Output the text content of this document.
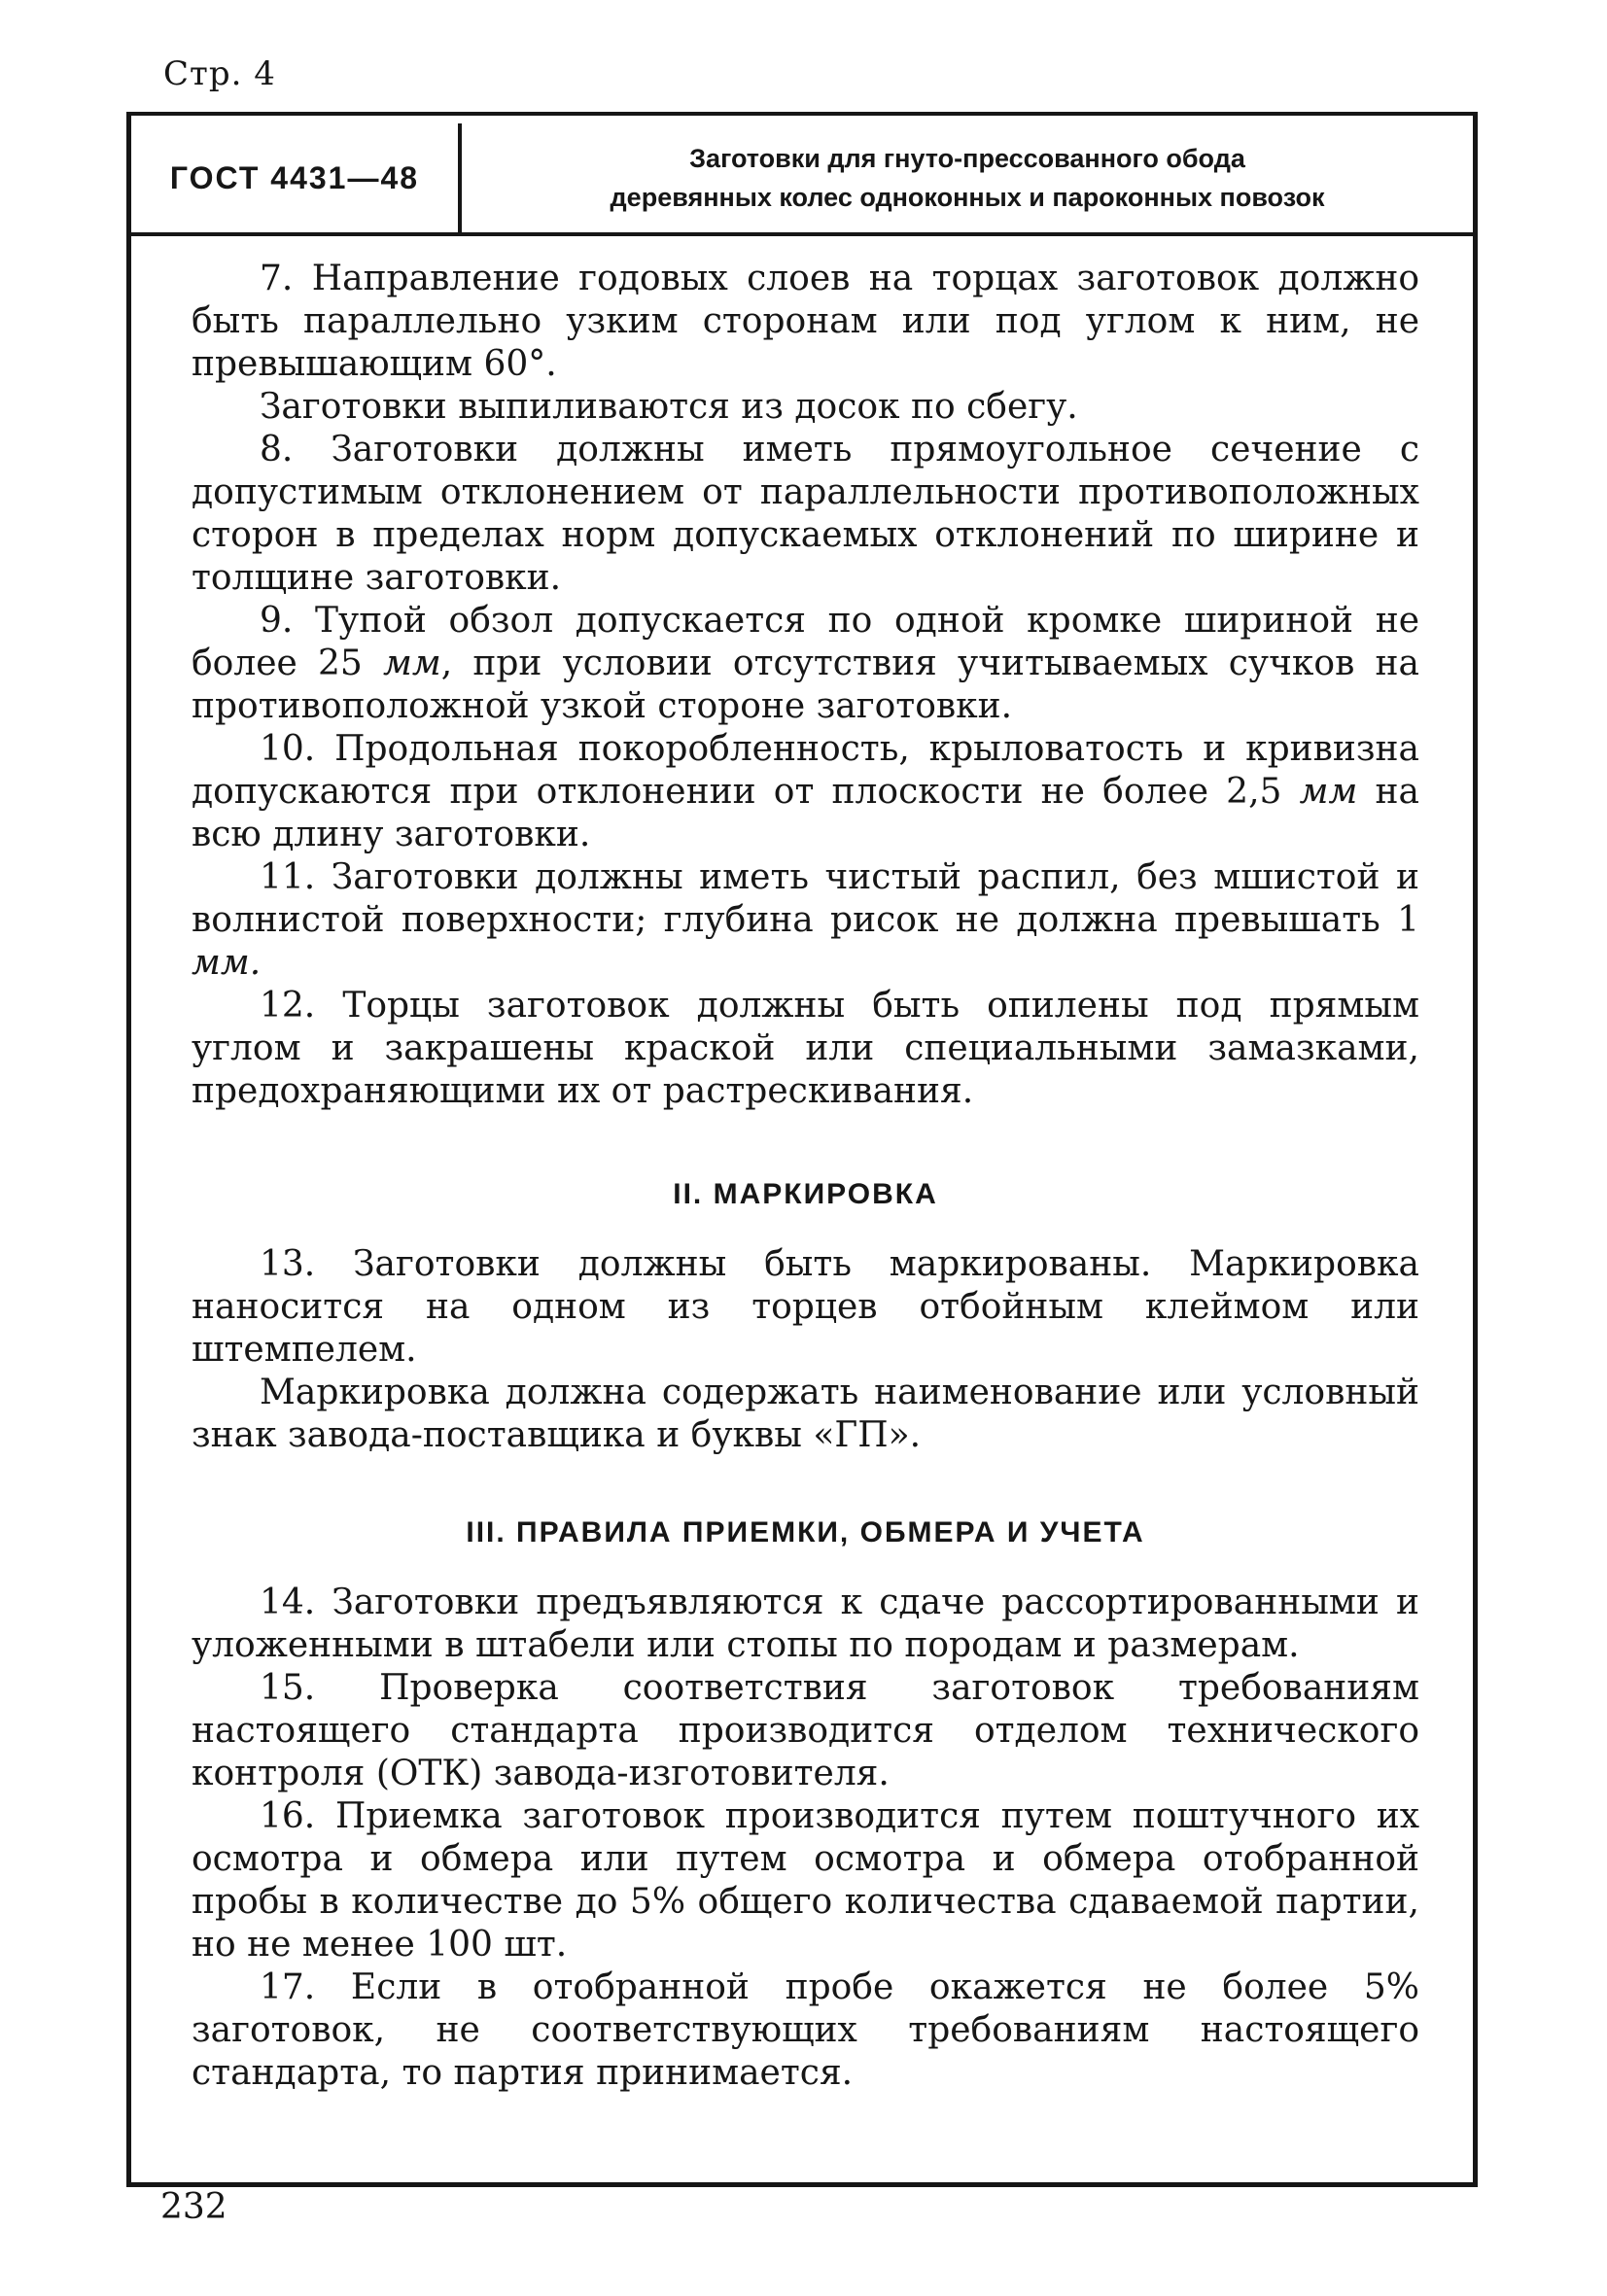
Стр. 4
ГОСТ 4431—48
Заготовки для гнуто-прессованного обода
деревянных колес одноконных и пароконных повозок

7. Направление годовых слоев на торцах заготовок должно быть параллельно узким сторонам или под углом к ним, не превышающим 60°.

Заготовки выпиливаются из досок по сбегу.

8. Заготовки должны иметь прямоугольное сечение с допустимым отклонением от параллельности противоположных сторон в пределах норм допускаемых отклонений по ширине и толщине заготовки.

9. Тупой обзол допускается по одной кромке шириной не более 25 мм, при условии отсутствия учитываемых сучков на противоположной узкой стороне заготовки.

10. Продольная покоробленность, крыловатость и кривизна допускаются при отклонении от плоскости не более 2,5 мм на всю длину заготовки.

11. Заготовки должны иметь чистый распил, без мшистой и волнистой поверхности; глубина рисок не должна превышать 1 мм.

12. Торцы заготовок должны быть опилены под прямым углом и закрашены краской или специальными замазками, предохраняющими их от растрескивания.

II. МАРКИРОВКА

13. Заготовки должны быть маркированы. Маркировка наносится на одном из торцев отбойным клеймом или штемпелем.

Маркировка должна содержать наименование или условный знак завода-поставщика и буквы «ГП».

III. ПРАВИЛА ПРИЕМКИ, ОБМЕРА И УЧЕТА

14. Заготовки предъявляются к сдаче рассортированными и уложенными в штабели или стопы по породам и размерам.

15. Проверка соответствия заготовок требованиям настоящего стандарта производится отделом технического контроля (ОТК) завода-изготовителя.

16. Приемка заготовок производится путем поштучного их осмотра и обмера или путем осмотра и обмера отобранной пробы в количестве до 5% общего количества сдаваемой партии, но не менее 100 шт.

17. Если в отобранной пробе окажется не более 5% заготовок, не соответствующих требованиям настоящего стандарта, то партия принимается.

232
